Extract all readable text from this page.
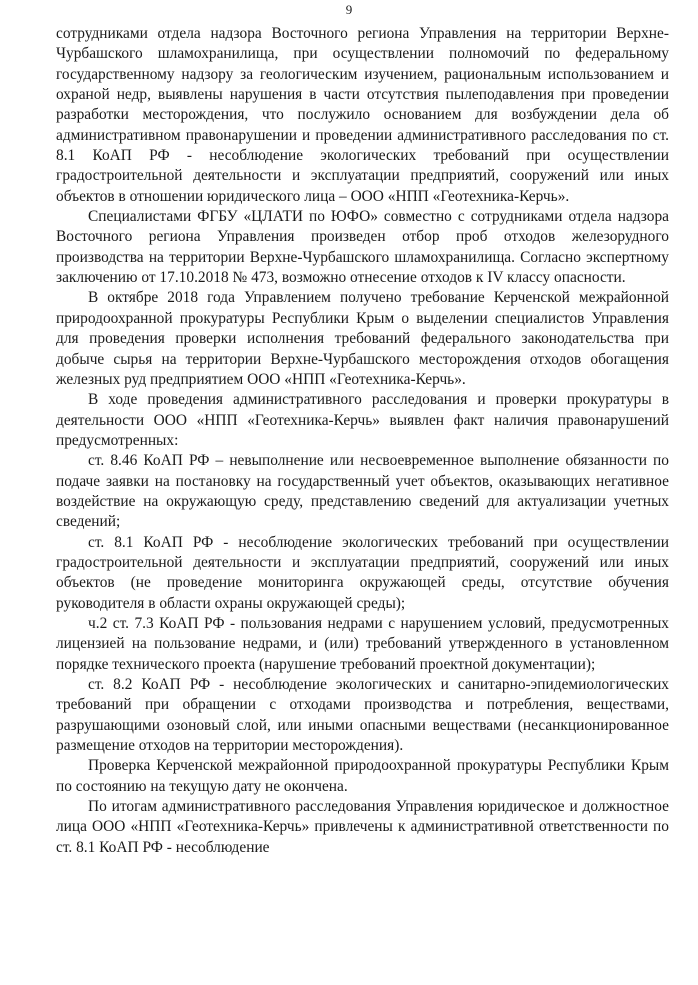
9

сотрудниками отдела надзора Восточного региона Управления на территории Верхне-Чурбашского шламохранилища, при осуществлении полномочий по федеральному государственному надзору за геологическим изучением, рациональным использованием и охраной недр, выявлены нарушения в части отсутствия пылеподавления при проведении разработки месторождения, что послужило основанием для возбуждении дела об административном правонарушении и проведении административного расследования по ст. 8.1 КоАП РФ - несоблюдение экологических требований при осуществлении градостроительной деятельности и эксплуатации предприятий, сооружений или иных объектов в отношении юридического лица – ООО «НПП «Геотехника-Керчь».

Специалистами ФГБУ «ЦЛАТИ по ЮФО» совместно с сотрудниками отдела надзора Восточного региона Управления произведен отбор проб отходов железорудного производства на территории Верхне-Чурбашского шламохранилища. Согласно экспертному заключению от 17.10.2018 № 473, возможно отнесение отходов к IV классу опасности.

В октябре 2018 года Управлением получено требование Керченской межрайонной природоохранной прокуратуры Республики Крым о выделении специалистов Управления для проведения проверки исполнения требований федерального законодательства при добыче сырья на территории Верхне-Чурбашского месторождения отходов обогащения железных руд предприятием ООО «НПП «Геотехника-Керчь».

В ходе проведения административного расследования и проверки прокуратуры в деятельности ООО «НПП «Геотехника-Керчь» выявлен факт наличия правонарушений предусмотренных:

ст. 8.46 КоАП РФ – невыполнение или несвоевременное выполнение обязанности по подаче заявки на постановку на государственный учет объектов, оказывающих негативное воздействие на окружающую среду, представлению сведений для актуализации учетных сведений;

ст. 8.1 КоАП РФ - несоблюдение экологических требований при осуществлении градостроительной деятельности и эксплуатации предприятий, сооружений или иных объектов (не проведение мониторинга окружающей среды, отсутствие обучения руководителя в области охраны окружающей среды);

ч.2 ст. 7.3 КоАП РФ - пользования недрами с нарушением условий, предусмотренных лицензией на пользование недрами, и (или) требований утвержденного в установленном порядке технического проекта (нарушение требований проектной документации);

ст. 8.2 КоАП РФ - несоблюдение экологических и санитарно-эпидемиологических требований при обращении с отходами производства и потребления, веществами, разрушающими озоновый слой, или иными опасными веществами (несанкционированное размещение отходов на территории месторождения).

Проверка Керченской межрайонной природоохранной прокуратуры Республики Крым по состоянию на текущую дату не окончена.

По итогам административного расследования Управления юридическое и должностное лица ООО «НПП «Геотехника-Керчь» привлечены к административной ответственности по ст. 8.1 КоАП РФ - несоблюдение
